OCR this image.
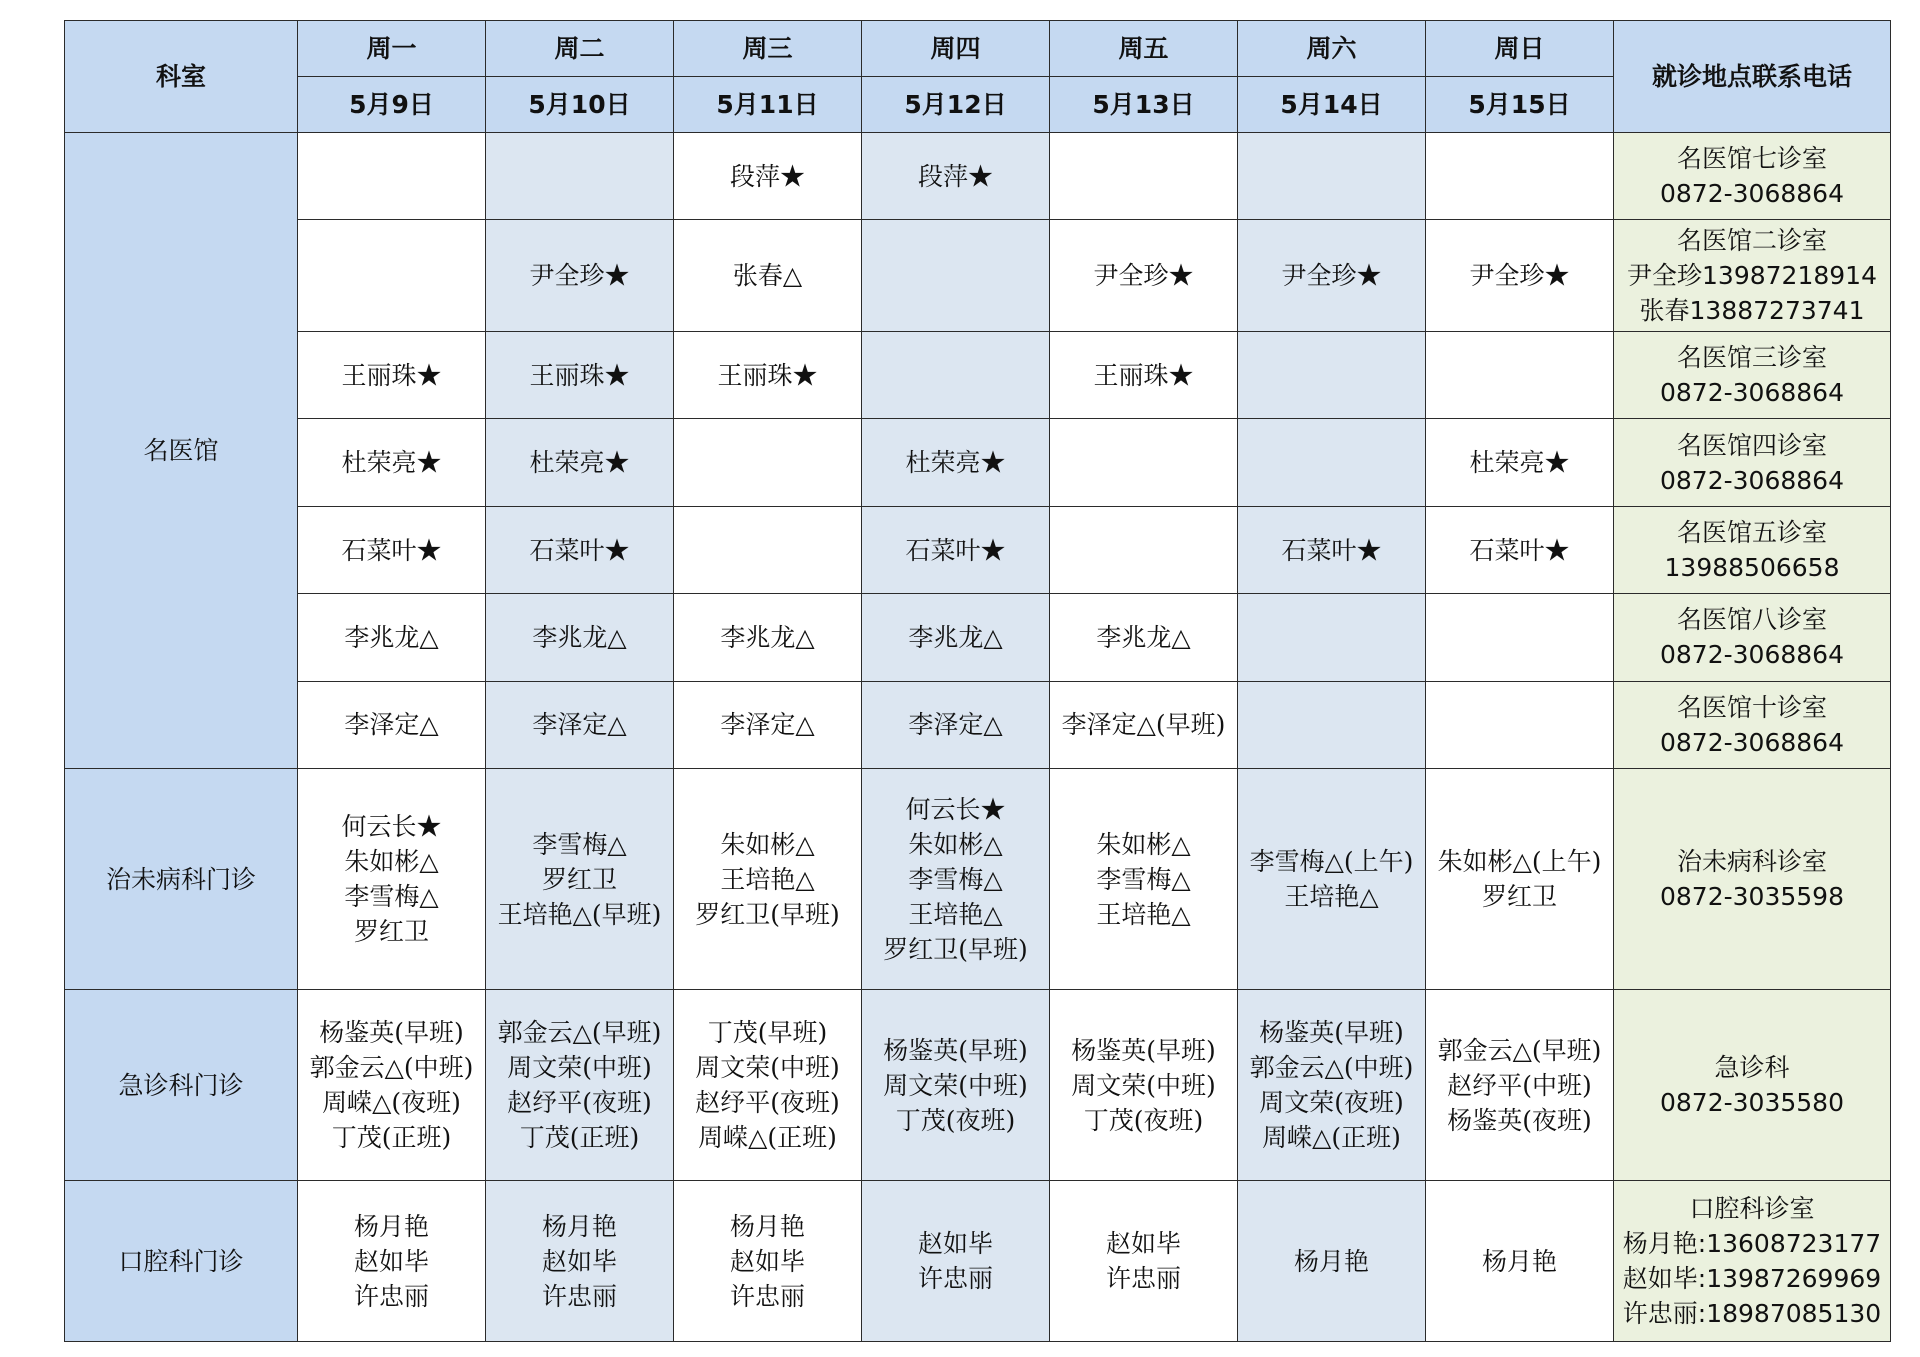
科室	周一	周二	周三	周四	周五	周六	周日	就诊地点联系电话
	5月9日	5月10日	5月11日	5月12日	5月13日	5月14日	5月15日	
名医馆			段萍★	段萍★				名医馆七诊室
0872-3068864

		尹全珍★	张春△		尹全珍★	尹全珍★	尹全珍★	名医馆二诊室
尹全珍13987218914
张春13887273741

	王丽珠★	王丽珠★	王丽珠★		王丽珠★			名医馆三诊室
0872-3068864

	杜荣亮★	杜荣亮★		杜荣亮★			杜荣亮★	名医馆四诊室
0872-3068864

	石菜叶★	石菜叶★		石菜叶★		石菜叶★	石菜叶★	名医馆五诊室
13988506658

	李兆龙△	李兆龙△	李兆龙△	李兆龙△	李兆龙△			名医馆八诊室
0872-3068864

	李泽定△	李泽定△	李泽定△	李泽定△	李泽定△(早班)			名医馆十诊室
0872-3068864

治未病科门诊	何云长★
朱如彬△
李雪梅△
罗红卫	李雪梅△
罗红卫
王培艳△(早班)	朱如彬△
王培艳△
罗红卫(早班)	何云长★
朱如彬△
李雪梅△
王培艳△
罗红卫(早班)	朱如彬△
李雪梅△
王培艳△	李雪梅△(上午)
王培艳△	朱如彬△(上午)
罗红卫	治未病科诊室
0872-3035598

急诊科门诊	杨鉴英(早班)
郭金云△(中班)
周嵘△(夜班)
丁茂(正班)	郭金云△(早班)
周文荣(中班)
赵纾平(夜班)
丁茂(正班)	丁茂(早班)
周文荣(中班)
赵纾平(夜班)
周嵘△(正班)	杨鉴英(早班)
周文荣(中班)
丁茂(夜班)	杨鉴英(早班)
周文荣(中班)
丁茂(夜班)	杨鉴英(早班)
郭金云△(中班)
周文荣(夜班)
周嵘△(正班)	郭金云△(早班)
赵纾平(中班)
杨鉴英(夜班)	急诊科
0872-3035580

口腔科门诊	杨月艳
赵如毕
许忠丽	杨月艳
赵如毕
许忠丽	杨月艳
赵如毕
许忠丽	赵如毕
许忠丽	赵如毕
许忠丽	杨月艳	杨月艳	口腔科诊室
杨月艳:13608723177
赵如毕:13987269969
许忠丽:18987085130
